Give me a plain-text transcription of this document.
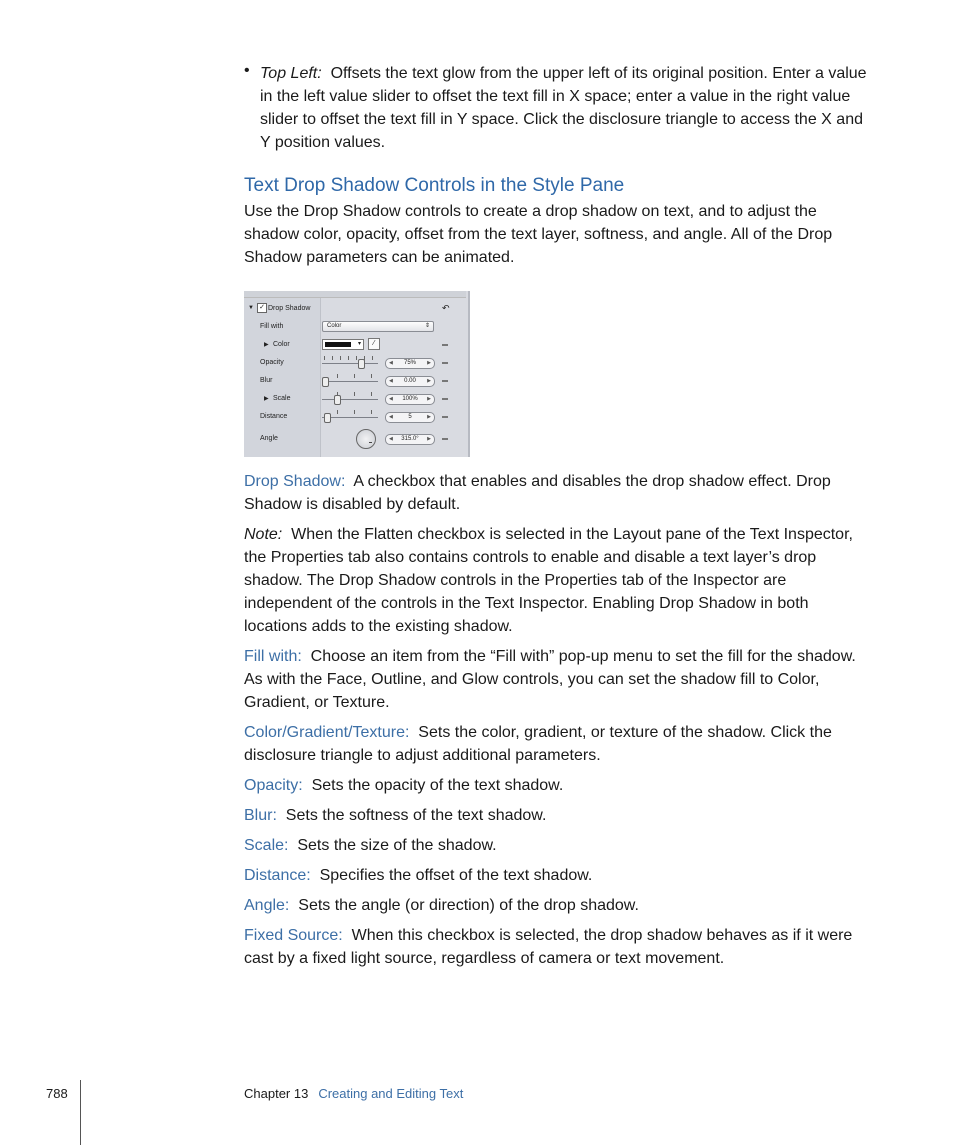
• Top Left: Offsets the text glow from the upper left of its original position. Enter a value in the left value slider to offset the text fill in X space; enter a value in the right value slider to offset the text fill in Y space. Click the disclosure triangle to access the X and Y position values.
Text Drop Shadow Controls in the Style Pane
Use the Drop Shadow controls to create a drop shadow on text, and to adjust the shadow color, opacity, offset from the text layer, softness, and angle. All of the Drop Shadow parameters can be animated.
▼ ✓ Drop Shadow	↶
Fill with	Color	⇕
▶ Color	▾	⁄
Opacity	◀ 75% ▶
Blur	◀ 0.00 ▶
▶ Scale	◀ 100% ▶
Distance	◀	5	▶
Angle	◀ 315.0° ▶
Drop Shadow: A checkbox that enables and disables the drop shadow effect. Drop Shadow is disabled by default.
Note: When the Flatten checkbox is selected in the Layout pane of the Text Inspector, the Properties tab also contains controls to enable and disable a text layer’s drop shadow. The Drop Shadow controls in the Properties tab of the Inspector are independent of the controls in the Text Inspector. Enabling Drop Shadow in both locations adds to the existing shadow.
Fill with: Choose an item from the “Fill with” pop-up menu to set the fill for the shadow. As with the Face, Outline, and Glow controls, you can set the shadow fill to Color, Gradient, or Texture.
Color/Gradient/Texture: Sets the color, gradient, or texture of the shadow. Click the disclosure triangle to adjust additional parameters.
Opacity: Sets the opacity of the text shadow.
Blur: Sets the softness of the text shadow.
Scale: Sets the size of the shadow.
Distance: Specifies the offset of the text shadow.
Angle: Sets the angle (or direction) of the drop shadow.
Fixed Source: When this checkbox is selected, the drop shadow behaves as if it were cast by a fixed light source, regardless of camera or text movement.
788	Chapter 13 Creating and Editing Text
